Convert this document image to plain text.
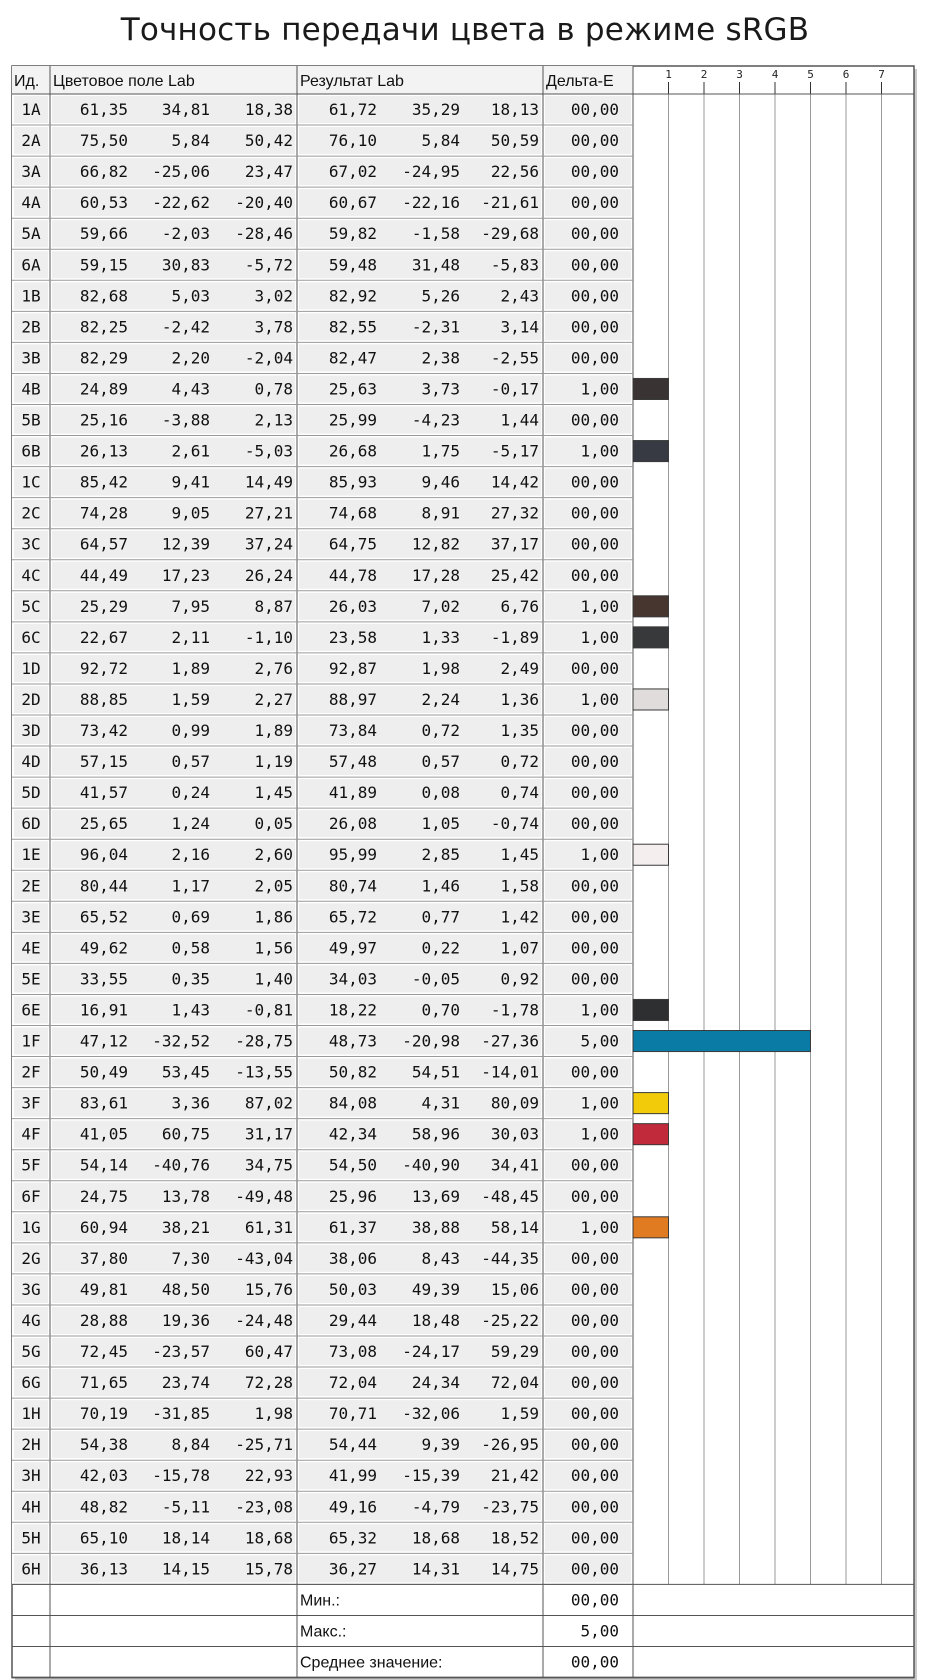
Точность передачи цвета в режиме sRGB
Ид. Цветовое поле Lab	Результат Lab	Дельта-E	1	2	3	4	5	6	7
1A 61,35 34,81 18,38 61,72 35,29 18,13 00,00
2A 75,50	5,84 50,42 76,10	5,84 50,59 00,00
3A 66,82 -25,06 23,47 67,02 -24,95 22,56 00,00
4A 60,53 -22,62 -20,40 60,67 -22,16 -21,61 00,00
5A 59,66 -2,03 -28,46 59,82 -1,58 -29,68 00,00
6A 59,15 30,83 -5,72 59,48 31,48 -5,83 00,00
1B 82,68	5,03	3,02 82,92	5,26	2,43 00,00
2B 82,25 -2,42	3,78 82,55 -2,31	3,14 00,00
3B 82,29	2,20 -2,04 82,47	2,38 -2,55 00,00
4B 24,89	4,43	0,78 25,63	3,73 -0,17	1,00
5B 25,16 -3,88	2,13 25,99 -4,23	1,44 00,00
6B 26,13	2,61 -5,03 26,68	1,75 -5,17	1,00
1C 85,42	9,41 14,49 85,93	9,46 14,42 00,00
2C 74,28	9,05 27,21 74,68	8,91 27,32 00,00
3C 64,57 12,39 37,24 64,75 12,82 37,17 00,00
4C 44,49 17,23 26,24 44,78 17,28 25,42 00,00
5C 25,29	7,95	8,87 26,03	7,02	6,76	1,00
6C 22,67	2,11 -1,10 23,58	1,33 -1,89	1,00
1D 92,72	1,89	2,76 92,87	1,98	2,49 00,00
2D 88,85	1,59	2,27 88,97	2,24	1,36	1,00
3D 73,42	0,99	1,89 73,84	0,72	1,35 00,00
4D 57,15	0,57	1,19 57,48	0,57	0,72 00,00
5D 41,57	0,24	1,45 41,89	0,08	0,74 00,00
6D 25,65	1,24	0,05 26,08	1,05 -0,74 00,00
1E 96,04	2,16	2,60 95,99	2,85	1,45	1,00
2E 80,44	1,17	2,05 80,74	1,46	1,58 00,00
3E 65,52	0,69	1,86 65,72	0,77	1,42 00,00
4E 49,62	0,58	1,56 49,97	0,22	1,07 00,00
5E 33,55	0,35	1,40 34,03 -0,05	0,92 00,00
6E 16,91	1,43 -0,81 18,22	0,70 -1,78	1,00
1F 47,12 -32,52 -28,75 48,73 -20,98 -27,36	5,00
2F 50,49 53,45 -13,55 50,82 54,51 -14,01 00,00
3F 83,61	3,36 87,02 84,08	4,31 80,09	1,00
4F 41,05 60,75 31,17 42,34 58,96 30,03	1,00
5F 54,14 -40,76 34,75 54,50 -40,90 34,41 00,00
6F 24,75 13,78 -49,48 25,96 13,69 -48,45 00,00
1G 60,94 38,21 61,31 61,37 38,88 58,14	1,00
2G 37,80	7,30 -43,04 38,06	8,43 -44,35 00,00
3G 49,81 48,50 15,76 50,03 49,39 15,06 00,00
4G 28,88 19,36 -24,48 29,44 18,48 -25,22 00,00
5G 72,45 -23,57 60,47 73,08 -24,17 59,29 00,00
6G 71,65 23,74 72,28 72,04 24,34 72,04 00,00
1H 70,19 -31,85	1,98 70,71 -32,06	1,59 00,00
2H 54,38	8,84 -25,71 54,44	9,39 -26,95 00,00
3H 42,03 -15,78 22,93 41,99 -15,39 21,42 00,00
4H 48,82 -5,11 -23,08 49,16 -4,79 -23,75 00,00
5H 65,10 18,14 18,68 65,32 18,68 18,52 00,00
6H 36,13 14,15 15,78 36,27 14,31 14,75 00,00
Мин.:	00,00
Макс.:	5,00
Среднее значение:	00,00
